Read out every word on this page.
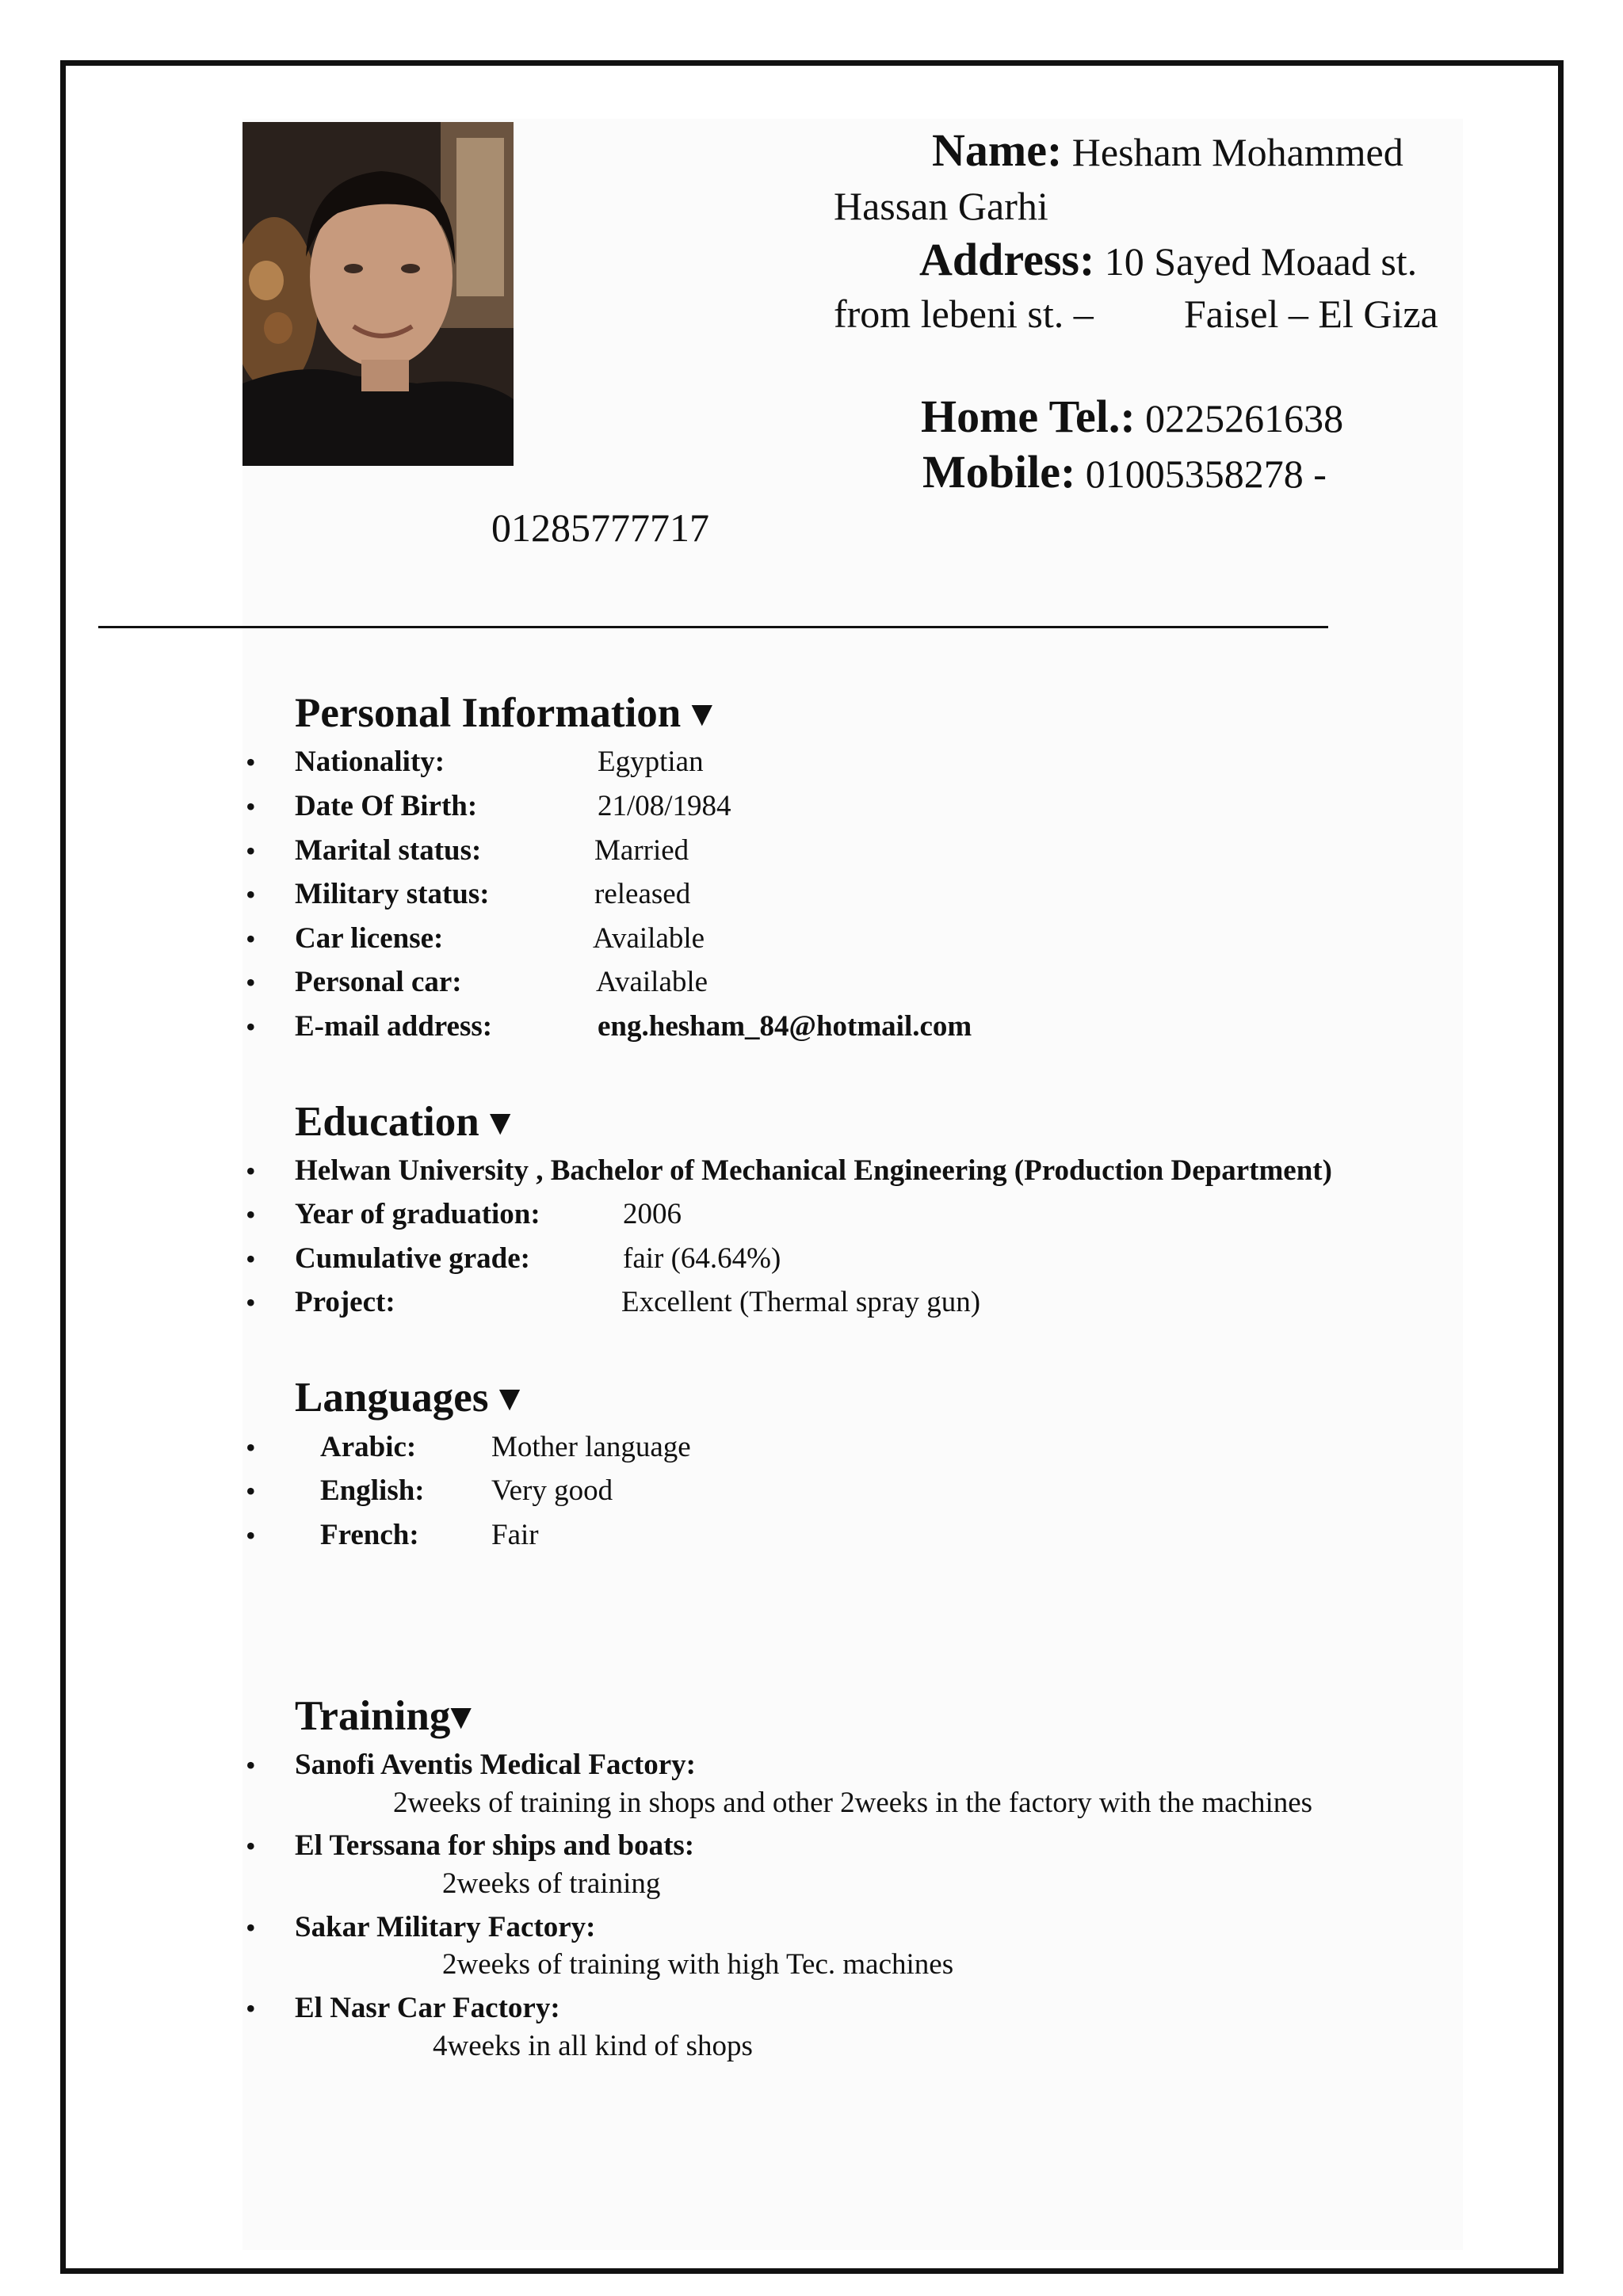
Name: Hesham Mohammed
Hassan Garhi
Address: 10 Sayed Moaad st.
from lebeni st. – Faisel – El Giza
Home Tel.: 0225261638
Mobile: 01005358278 -
01285777717
Personal Information ▾
• Nationality:	Egyptian
• Date Of Birth:	21/08/1984
• Marital status:	Married
• Military status:	released
• Car license:	Available
• Personal car:	Available
• E-mail address:	eng.hesham_84@hotmail.com
Education ▾
• Helwan University , Bachelor of Mechanical Engineering (Production Department)
• Year of graduation:	2006
• Cumulative grade:	fair (64.64%)
• Project:	Excellent (Thermal spray gun)
Languages ▾
• Arabic:	Mother language
• English: Very good
• French: Fair
Training▾
• Sanofi Aventis Medical Factory:
2weeks of training in shops and other 2weeks in the factory with the machines
• El Terssana for ships and boats:
2weeks of training
• Sakar Military Factory:
2weeks of training with high Tec. machines
• El Nasr Car Factory:
4weeks in all kind of shops
